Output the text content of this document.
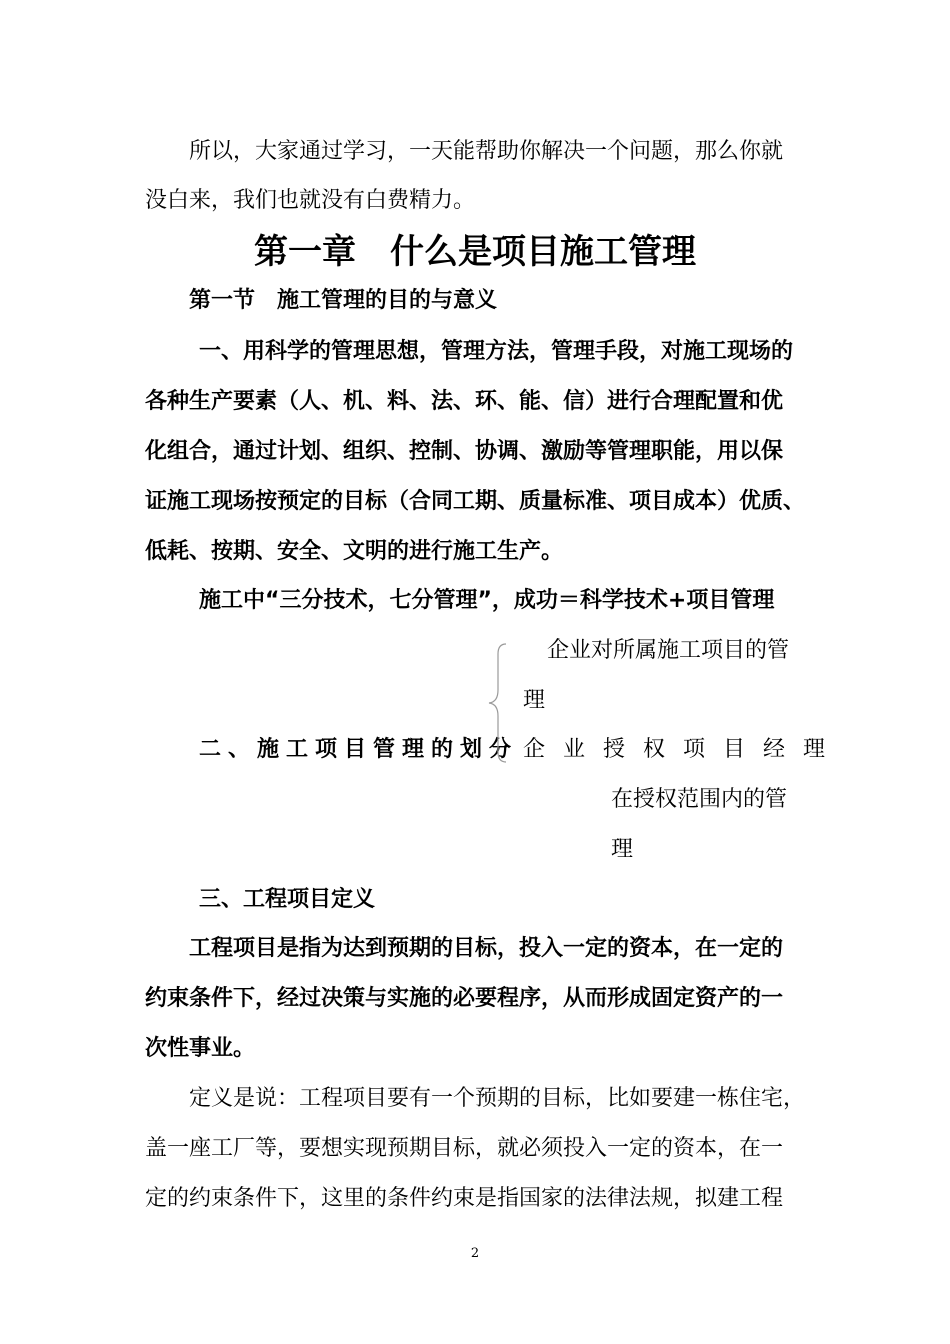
所以，大家通过学习，一天能帮助你解决一个问题，那么你就
没白来，我们也就没有白费精力。
第一章　什么是项目施工管理
第一节　施工管理的目的与意义
一、用科学的管理思想，管理方法，管理手段，对施工现场的
各种生产要素（人、机、料、法、环、能、信）进行合理配置和优
化组合，通过计划、组织、控制、协调、激励等管理职能，用以保
证施工现场按预定的目标（合同工期、质量标准、项目成本）优质、
低耗、按期、安全、文明的进行施工生产。
施工中“三分技术，七分管理”，成功＝科学技术+项目管理
二、施工项目管理的划分
企业对所属施工项目的管
理
企业授权项目经理
在授权范围内的管
理
三、工程项目定义
工程项目是指为达到预期的目标，投入一定的资本，在一定的
约束条件下，经过决策与实施的必要程序，从而形成固定资产的一
次性事业。
定义是说：工程项目要有一个预期的目标，比如要建一栋住宅，
盖一座工厂等，要想实现预期目标，就必须投入一定的资本，在一
定的约束条件下，这里的条件约束是指国家的法律法规，拟建工程
2
